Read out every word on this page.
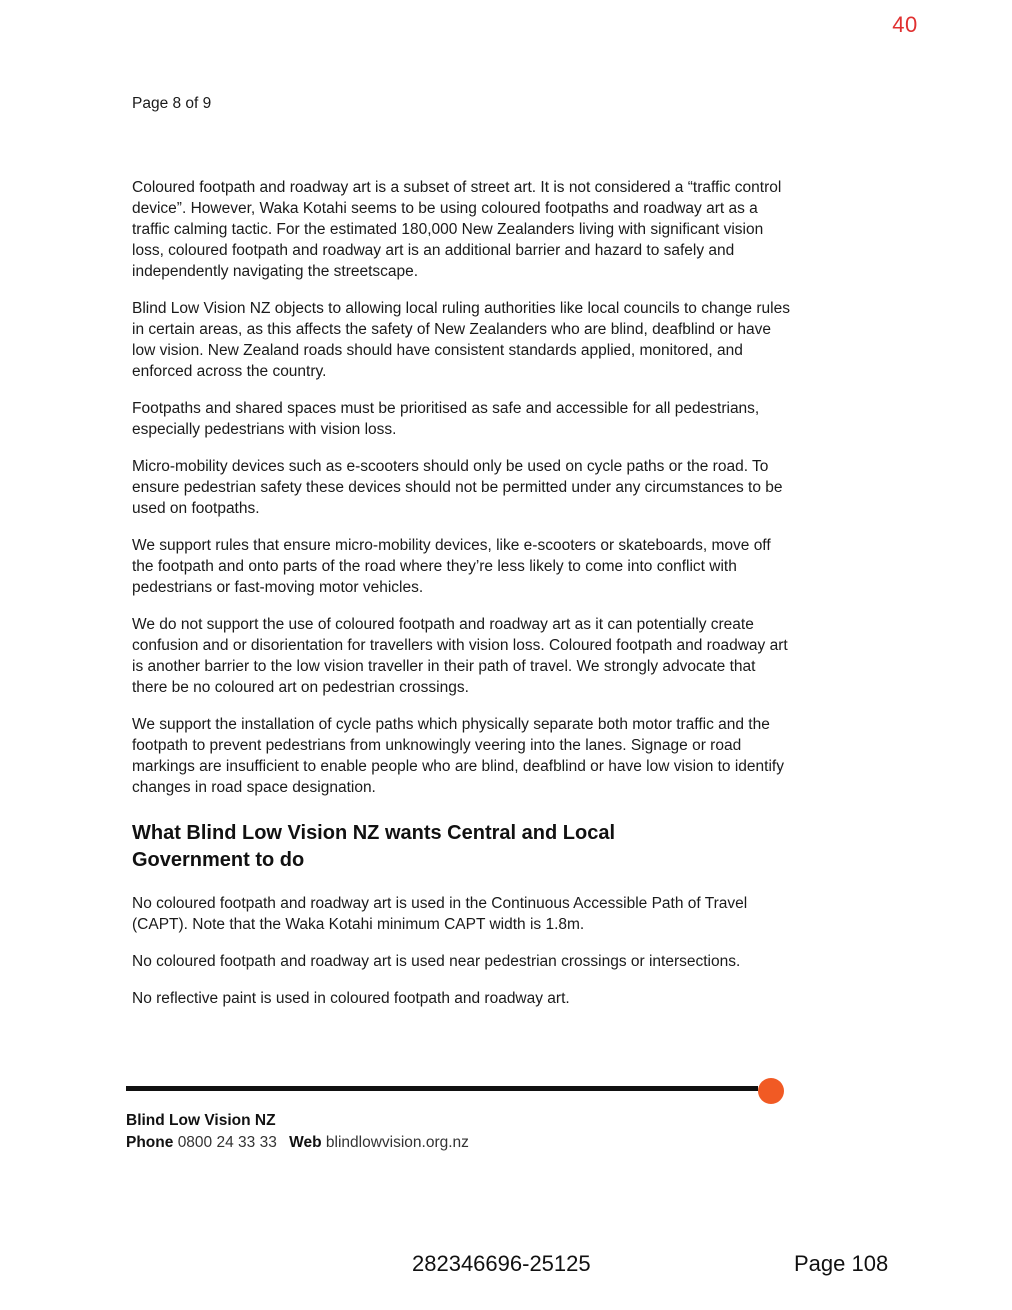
40
Page 8 of 9

Coloured footpath and roadway art is a subset of street art. It is not considered a “traffic control device”. However, Waka Kotahi seems to be using coloured footpaths and roadway art as a traffic calming tactic. For the estimated 180,000 New Zealanders living with significant vision loss, coloured footpath and roadway art is an additional barrier and hazard to safely and independently navigating the streetscape.

Blind Low Vision NZ objects to allowing local ruling authorities like local councils to change rules in certain areas, as this affects the safety of New Zealanders who are blind, deafblind or have low vision. New Zealand roads should have consistent standards applied, monitored, and enforced across the country.

Footpaths and shared spaces must be prioritised as safe and accessible for all pedestrians, especially pedestrians with vision loss.

Micro-mobility devices such as e-scooters should only be used on cycle paths or the road. To ensure pedestrian safety these devices should not be permitted under any circumstances to be used on footpaths.

We support rules that ensure micro-mobility devices, like e-scooters or skateboards, move off the footpath and onto parts of the road where they’re less likely to come into conflict with pedestrians or fast-moving motor vehicles.

We do not support the use of coloured footpath and roadway art as it can potentially create confusion and or disorientation for travellers with vision loss. Coloured footpath and roadway art is another barrier to the low vision traveller in their path of travel. We strongly advocate that there be no coloured art on pedestrian crossings.

We support the installation of cycle paths which physically separate both motor traffic and the footpath to prevent pedestrians from unknowingly veering into the lanes. Signage or road markings are insufficient to enable people who are blind, deafblind or have low vision to identify changes in road space designation.

What Blind Low Vision NZ wants Central and Local Government to do

No coloured footpath and roadway art is used in the Continuous Accessible Path of Travel (CAPT). Note that the Waka Kotahi minimum CAPT width is 1.8m.

No coloured footpath and roadway art is used near pedestrian crossings or intersections.

No reflective paint is used in coloured footpath and roadway art.

Blind Low Vision NZ
Phone 0800 24 33 33 Web blindlowvision.org.nz
282346696-25125	Page 108
